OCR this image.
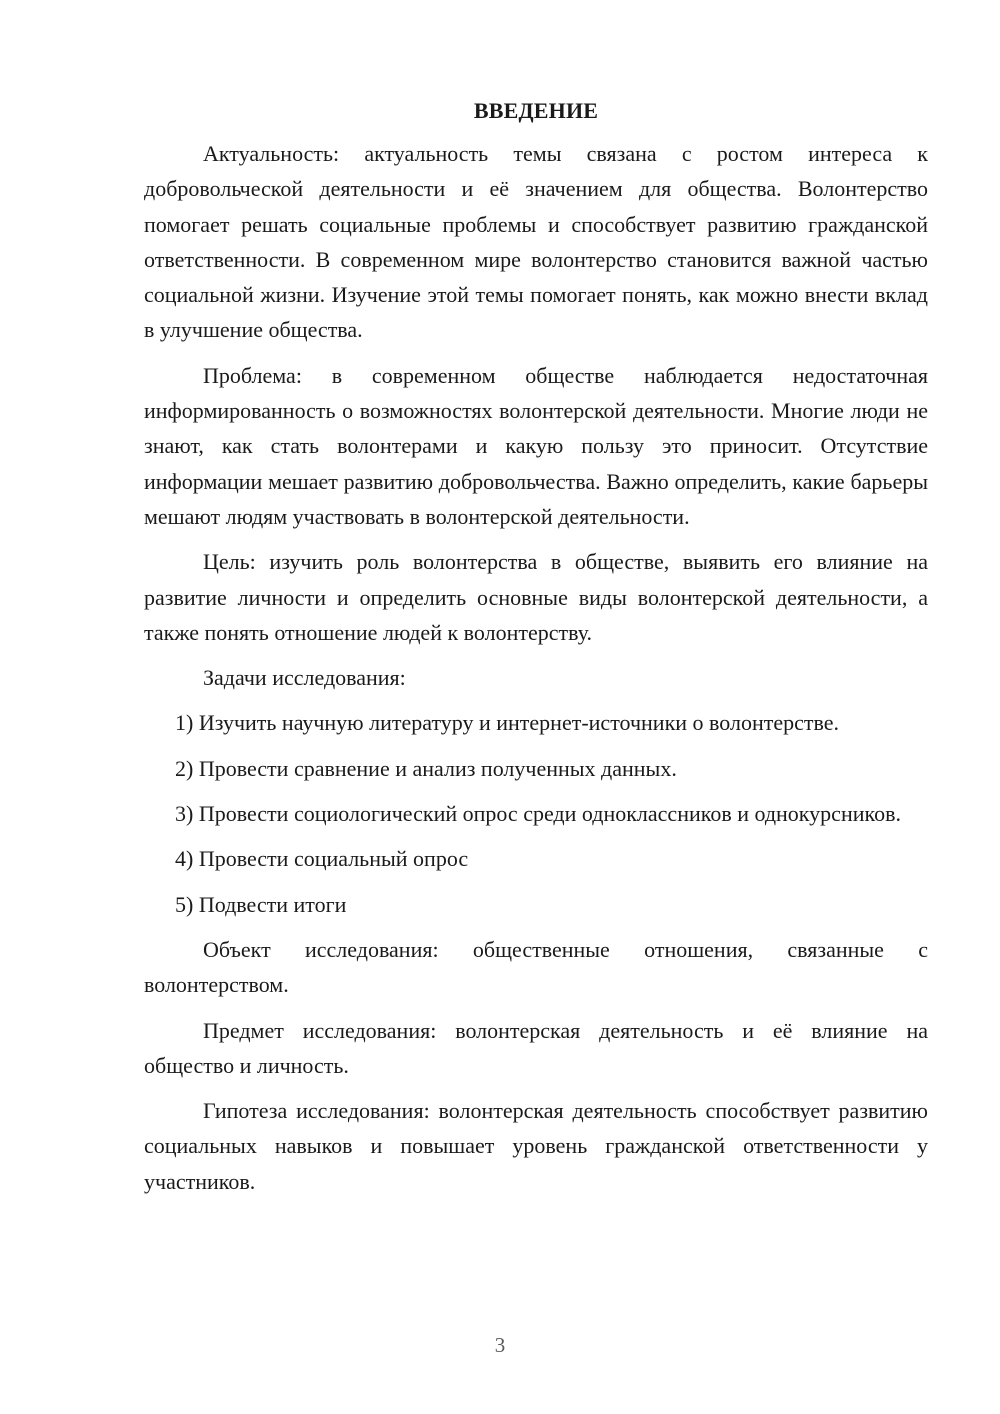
ВВЕДЕНИЕ

Актуальность: актуальность темы связана с ростом интереса к добровольческой деятельности и её значением для общества. Волонтерство помогает решать социальные проблемы и способствует развитию гражданской ответственности. В современном мире волонтерство становится важной частью социальной жизни. Изучение этой темы помогает понять, как можно внести вклад в улучшение общества.

Проблема: в современном обществе наблюдается недостаточная информированность о возможностях волонтерской деятельности. Многие люди не знают, как стать волонтерами и какую пользу это приносит. Отсутствие информации мешает развитию добровольчества. Важно определить, какие барьеры мешают людям участвовать в волонтерской деятельности.

Цель: изучить роль волонтерства в обществе, выявить его влияние на развитие личности и определить основные виды волонтерской деятельности, а также понять отношение людей к волонтерству.

Задачи исследования:

1) Изучить научную литературу и интернет-источники о волонтерстве.

2) Провести сравнение и анализ полученных данных.

3) Провести социологический опрос среди одноклассников и однокурсников.

4) Провести социальный опрос

5) Подвести итоги

Объект исследования: общественные отношения, связанные с волонтерством.

Предмет исследования: волонтерская деятельность и её влияние на общество и личность.

Гипотеза исследования: волонтерская деятельность способствует развитию социальных навыков и повышает уровень гражданской ответственности у участников.

3
